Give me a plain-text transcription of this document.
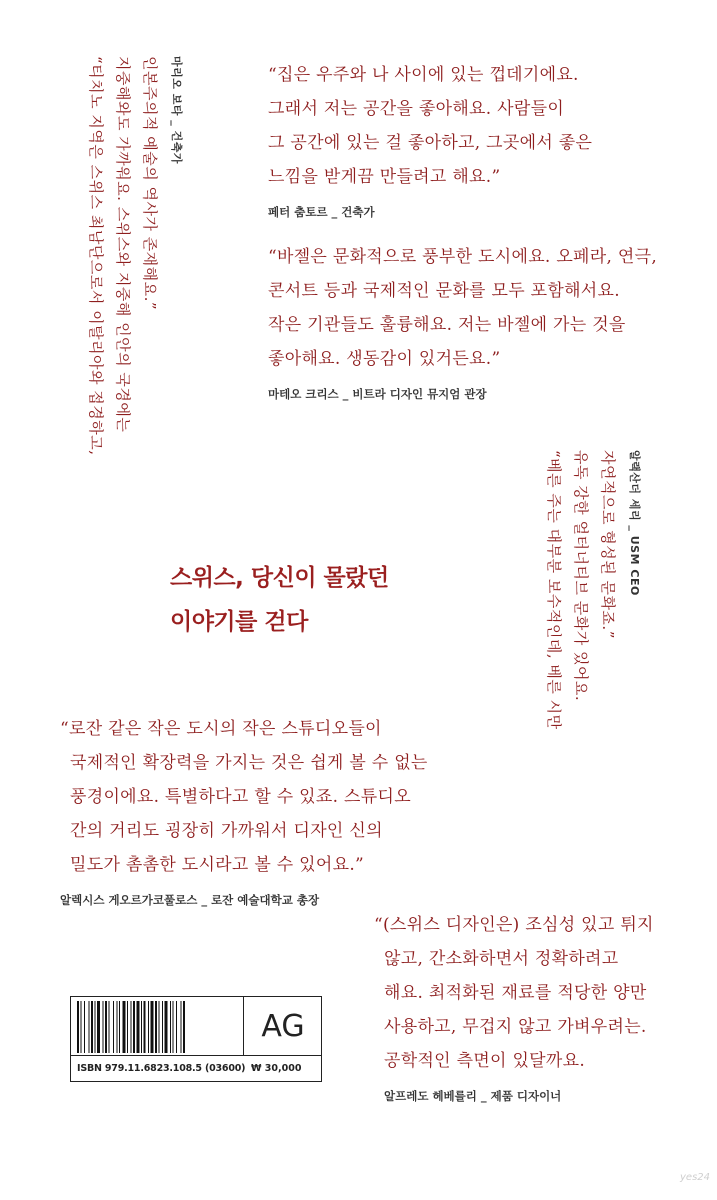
마리오 보타 _ 건축가
인본주의적 예술의 역사가 존재해요.”
지중해와도 가까워요. 스위스와 지중해 인안의 국경에는
“티치노 지역은 스위스 최남단으로서 이탈리아와 접경하고,	“집은 우주와 나 사이에 있는 껍데기에요.
그래서 저는 공간을 좋아해요. 사람들이
그 공간에 있는 걸 좋아하고, 그곳에서 좋은
느낌을 받게끔 만들려고 해요.”
페터 춤토르 _ 건축가
“바젤은 문화적으로 풍부한 도시에요. 오페라, 연극,
콘서트 등과 국제적인 문화를 모두 포함해서요.
작은 기관들도 훌륭해요. 저는 바젤에 가는 것을
좋아해요. 생동감이 있거든요.”
마테오 크리스 _ 비트라 디자인 뮤지엄 관장
알랙산더 세리 _ USM CEO
자연적으로 형성된 문화죠.”
유독 강한 얼터너티브 문화가 있어요.
“베른 주는 대부분 보수적인데, 베른 시만
스위스, 당신이 몰랐던
이야기를 걷다
“로잔 같은 작은 도시의 작은 스튜디오들이
국제적인 확장력을 가지는 것은 쉽게 볼 수 없는
풍경이에요. 특별하다고 할 수 있죠. 스튜디오
간의 거리도 굉장히 가까워서 디자인 신의
밀도가 촘촘한 도시라고 볼 수 있어요.”
알렉시스 게오르가코풀로스 _ 로잔 예술대학교 총장
“(스위스 디자인은) 조심성 있고 튀지
않고, 간소화하면서 정확하려고
해요. 최적화된 재료를 적당한 양만
사용하고, 무겁지 않고 가벼우려는.
공학적인 측면이 있달까요.
알프레도 헤베를리 _ 제품 디자이너
AG
ISBN 979.11.6823.108.5 (03600) ₩ 30,000
yes24
